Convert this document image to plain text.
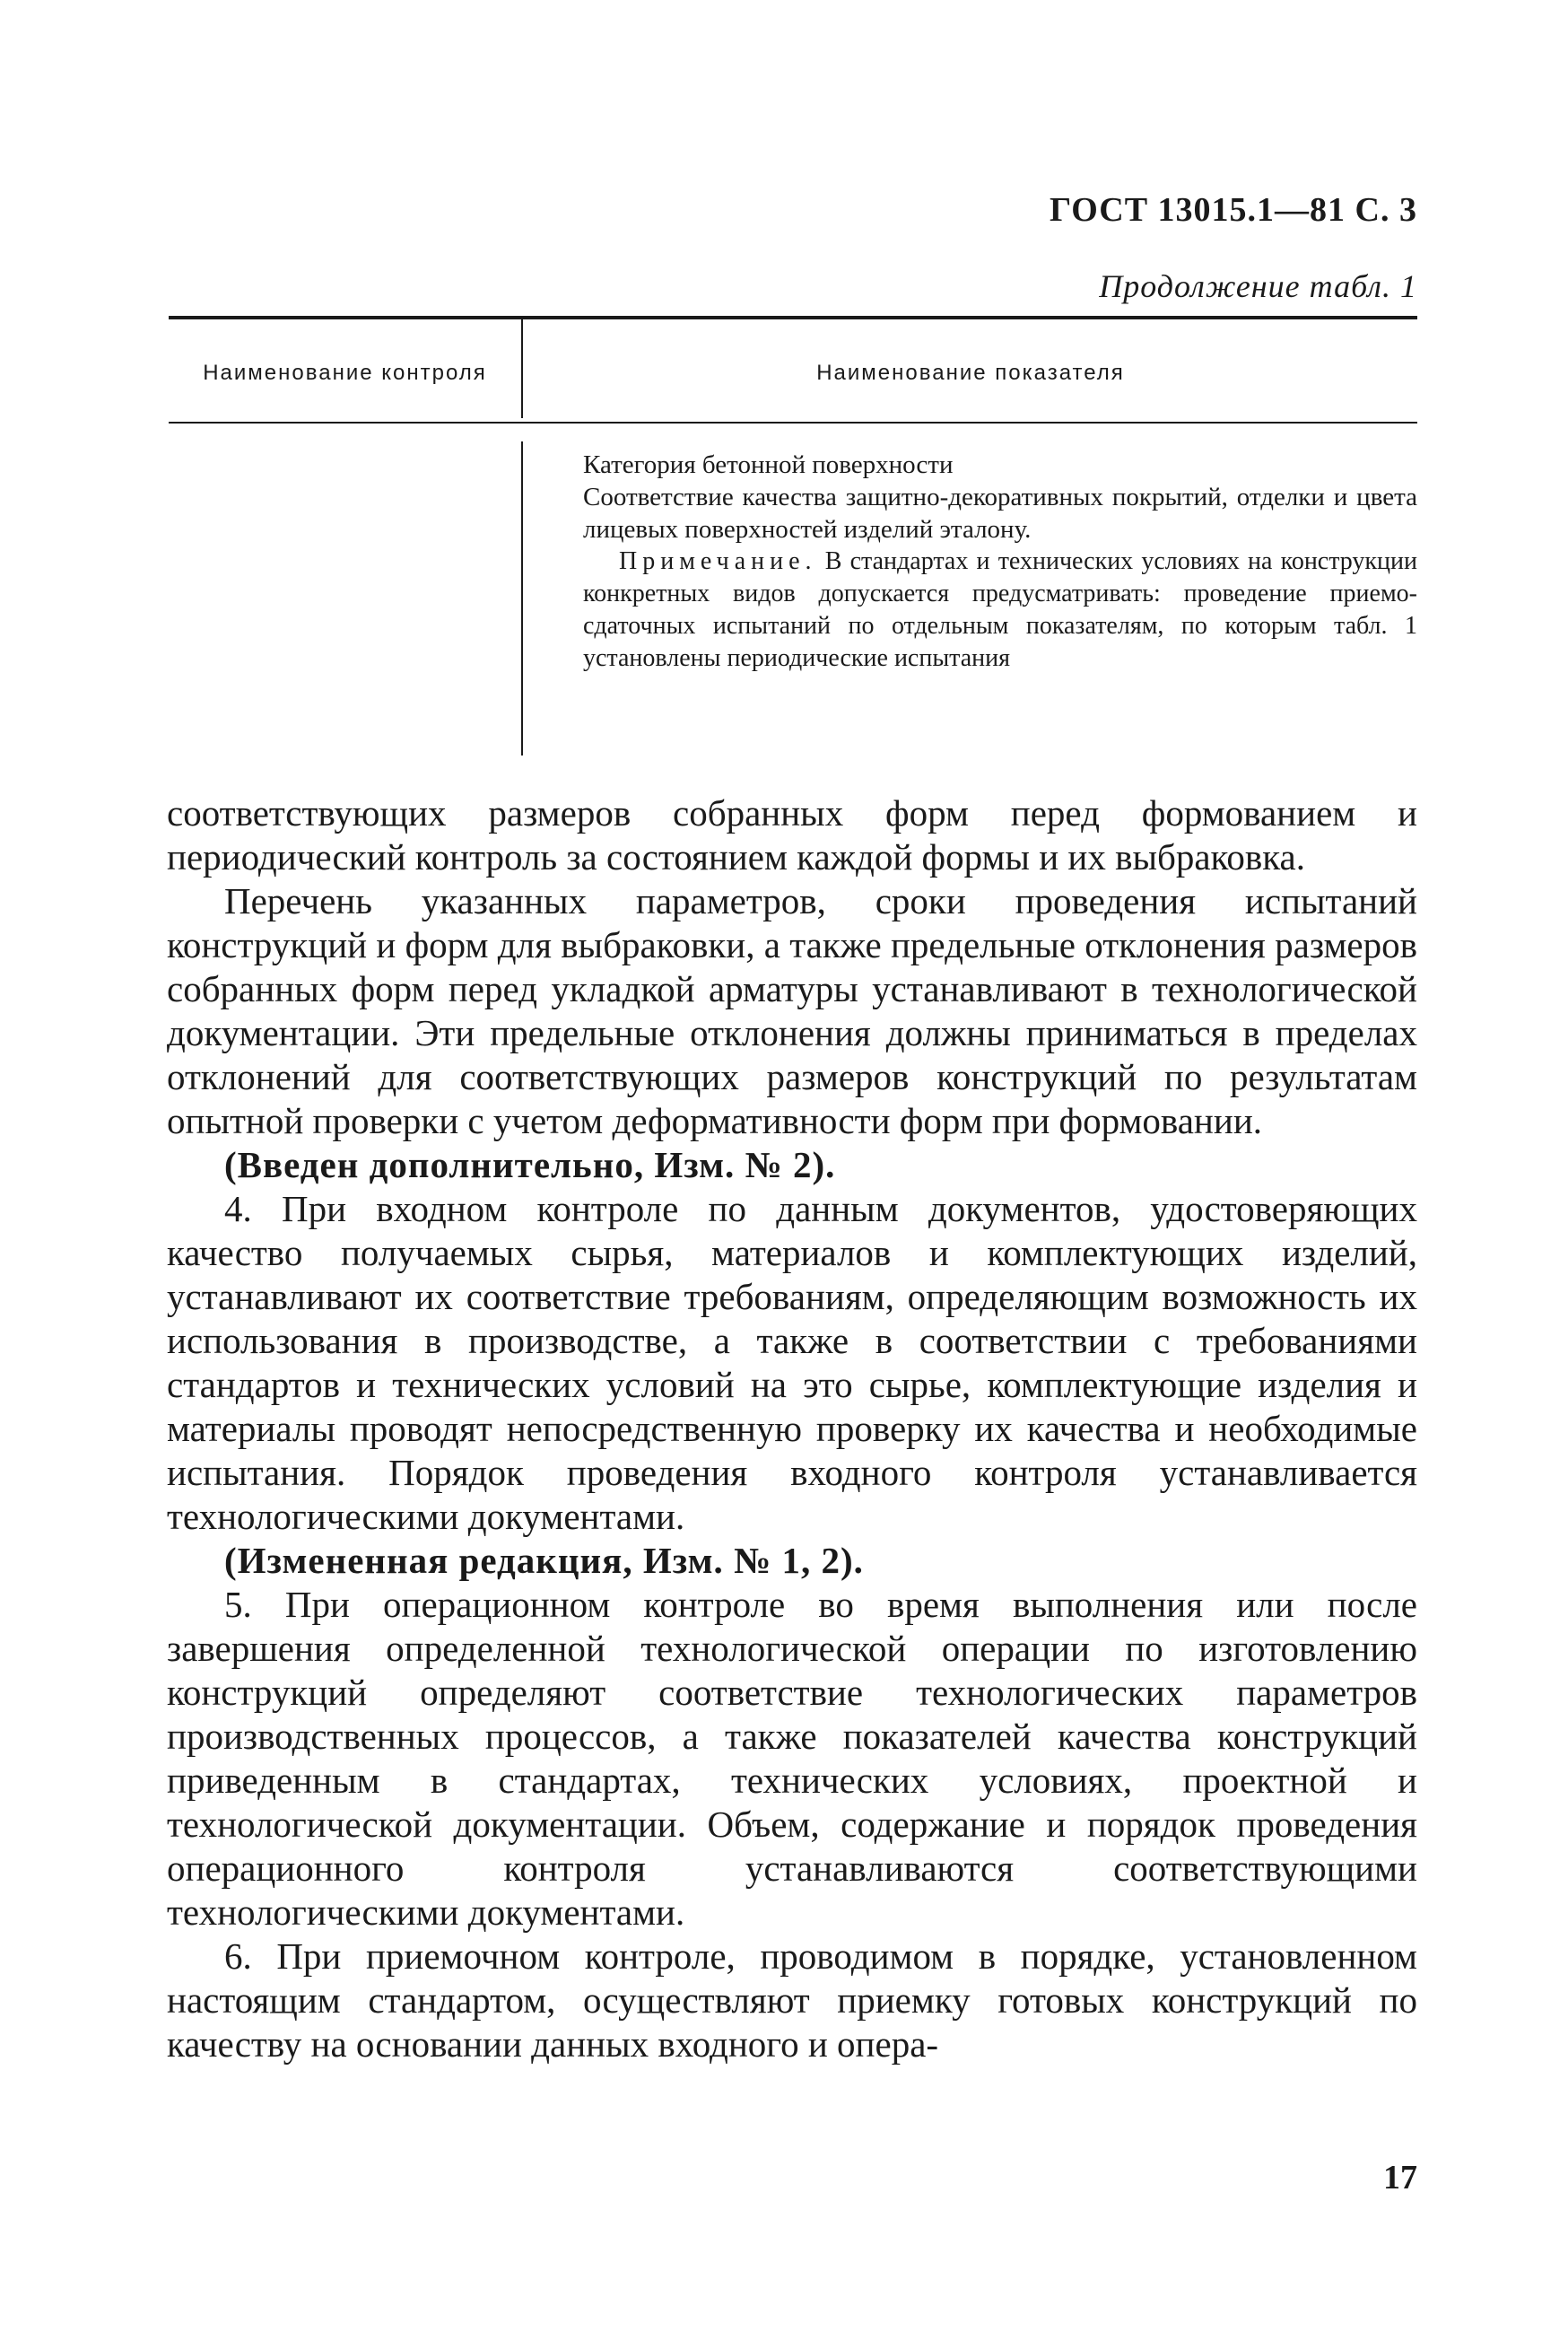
ГОСТ 13015.1—81 С. 3
Продолжение табл. 1
Наименование контроля	Наименование показателя

Категория бетонной поверхности

Соответствие качества защитно-декоративных покрытий, отделки и цвета лицевых поверхностей изделий эталону.

Примечание. В стандартах и технических условиях на конструкции конкретных видов допускается предусматривать: проведение приемо-сдаточных испытаний по отдельным показателям, по которым табл. 1 установлены периодические испытания

соответствующих размеров собранных форм перед формованием и периодический контроль за состоянием каждой формы и их выбраковка.

Перечень указанных параметров, сроки проведения испытаний конструкций и форм для выбраковки, а также предельные отклонения размеров собранных форм перед укладкой арматуры устанавливают в технологической документации. Эти предельные отклонения должны приниматься в пределах отклонений для соответствующих размеров конструкций по результатам опытной проверки с учетом деформативности форм при формовании.

(Введен дополнительно, Изм. № 2).

4. При входном контроле по данным документов, удостоверяющих качество получаемых сырья, материалов и комплектующих изделий, устанавливают их соответствие требованиям, определяющим возможность их использования в производстве, а также в соответствии с требованиями стандартов и технических условий на это сырье, комплектующие изделия и материалы проводят непосредственную проверку их качества и необходимые испытания. Порядок проведения входного контроля устанавливается технологическими документами.

(Измененная редакция, Изм. № 1, 2).

5. При операционном контроле во время выполнения или после завершения определенной технологической операции по изготовлению конструкций определяют соответствие технологических параметров производственных процессов, а также показателей качества конструкций приведенным в стандартах, технических условиях, проектной и технологической документации. Объем, содержание и порядок проведения операционного контроля устанавливаются соответствующими технологическими документами.

6. При приемочном контроле, проводимом в порядке, установленном настоящим стандартом, осуществляют приемку готовых конструкций по качеству на основании данных входного и опера-

17
